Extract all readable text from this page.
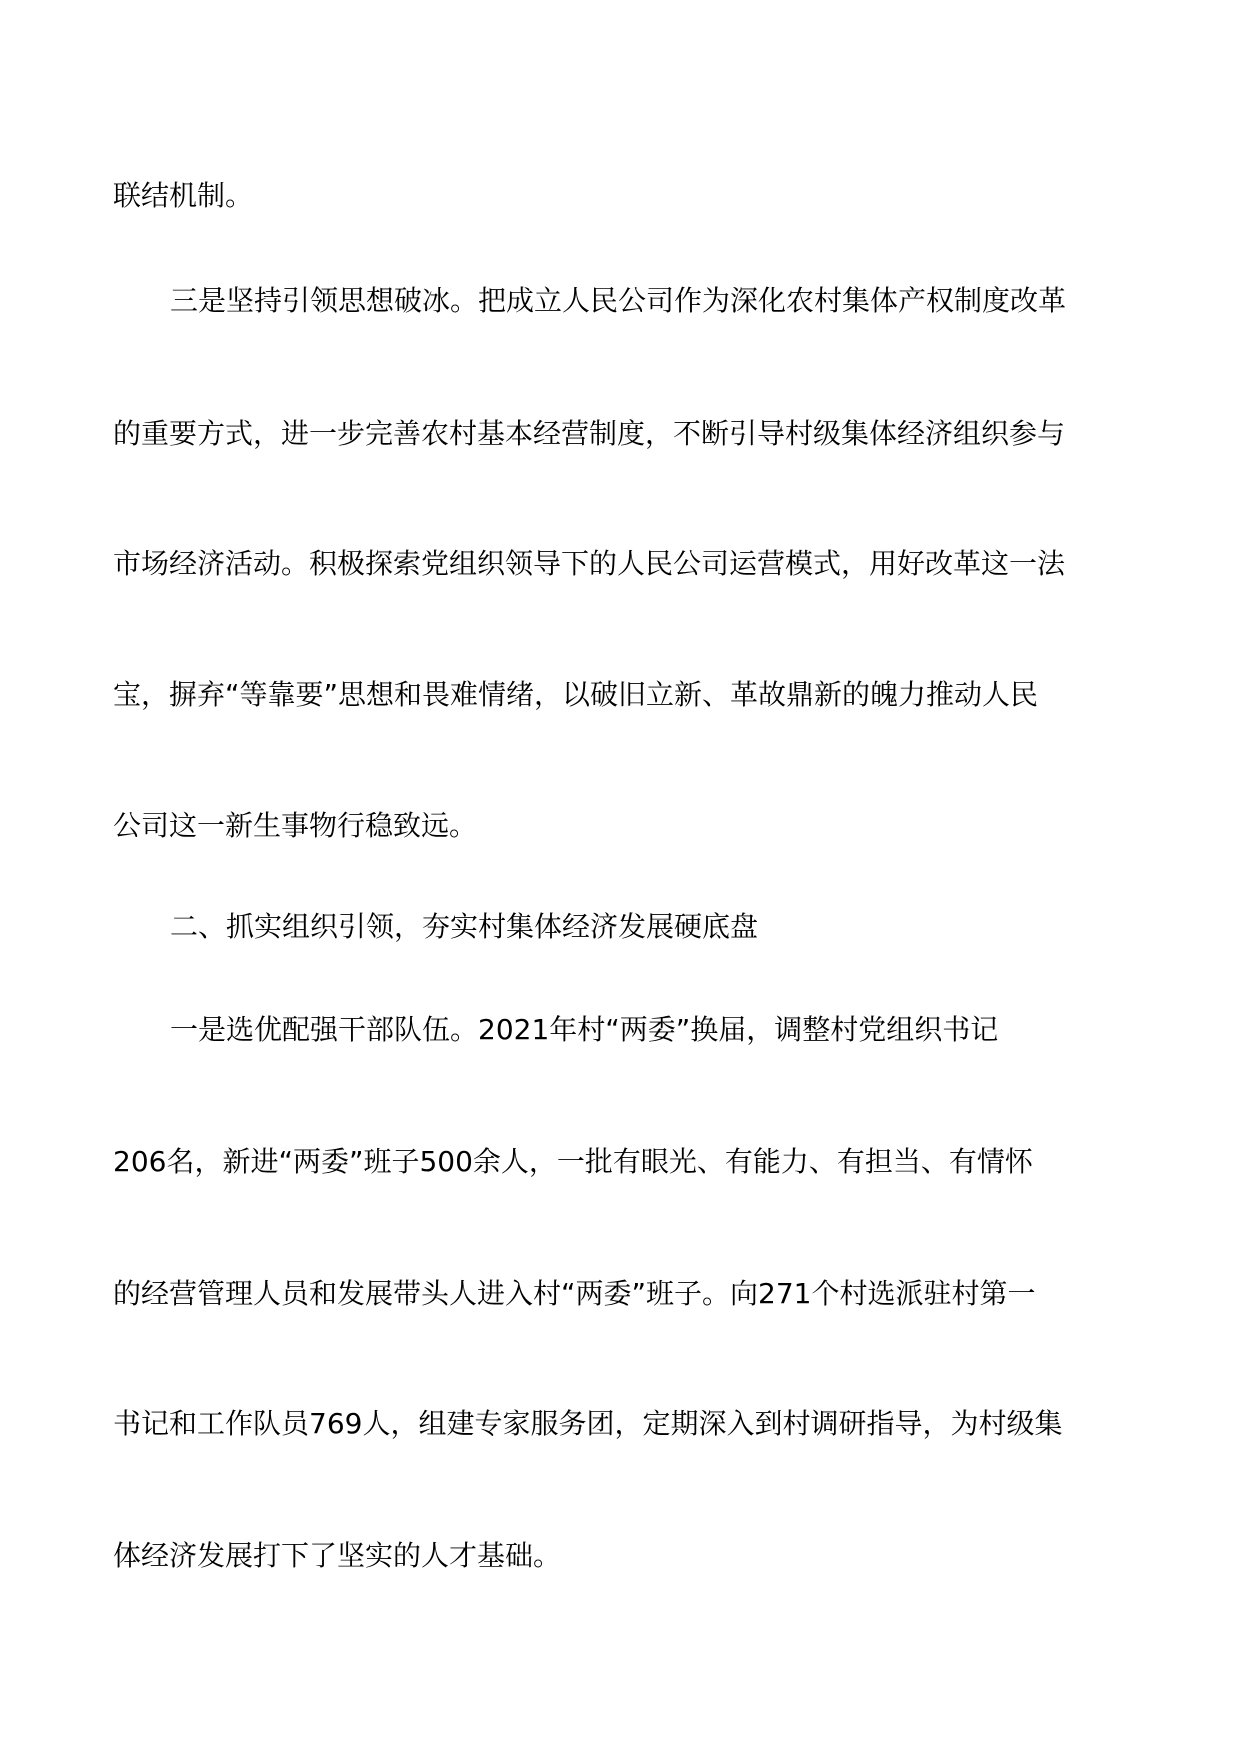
联结机制。
三是坚持引领思想破冰。把成立人民公司作为深化农村集体产权制度改革
的重要方式，进一步完善农村基本经营制度，不断引导村级集体经济组织参与
市场经济活动。积极探索党组织领导下的人民公司运营模式，用好改革这一法
宝，摒弃“等靠要”思想和畏难情绪，以破旧立新、革故鼎新的魄力推动人民
公司这一新生事物行稳致远。
二、抓实组织引领，夯实村集体经济发展硬底盘
一是选优配强干部队伍。2021年村“两委”换届，调整村党组织书记
206名，新进“两委”班子500余人，一批有眼光、有能力、有担当、有情怀
的经营管理人员和发展带头人进入村“两委”班子。向271个村选派驻村第一
书记和工作队员769人，组建专家服务团，定期深入到村调研指导，为村级集
体经济发展打下了坚实的人才基础。
